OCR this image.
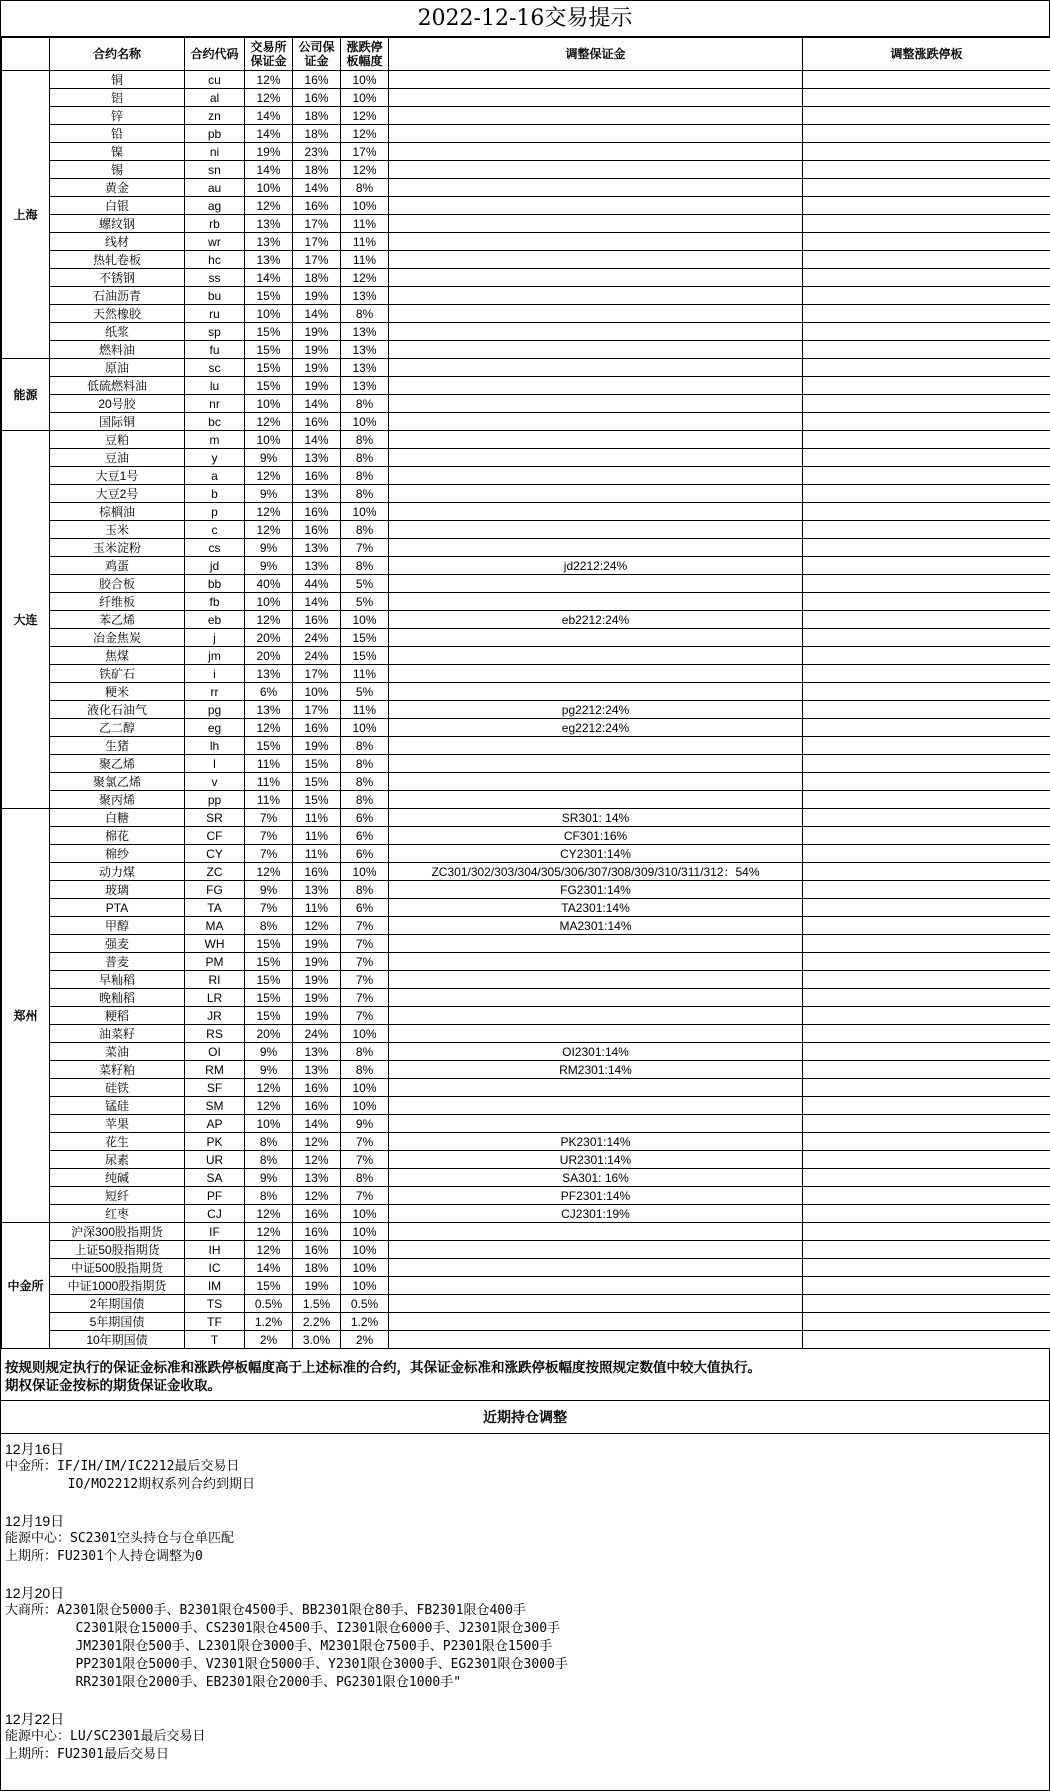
2022-12-16交易提示
	合约名称	合约代码	交易所保证金	公司保证金	涨跌停板幅度	调整保证金	调整涨跌停板
上海	铜	cu	12%	16%	10%		
	铝	al	12%	16%	10%		
	锌	zn	14%	18%	12%		
	铅	pb	14%	18%	12%		
	镍	ni	19%	23%	17%		
	锡	sn	14%	18%	12%		
	黄金	au	10%	14%	8%		
	白银	ag	12%	16%	10%		
	螺纹钢	rb	13%	17%	11%		
	线材	wr	13%	17%	11%		
	热轧卷板	hc	13%	17%	11%		
	不锈钢	ss	14%	18%	12%		
	石油沥青	bu	15%	19%	13%		
	天然橡胶	ru	10%	14%	8%		
	纸浆	sp	15%	19%	13%		
	燃料油	fu	15%	19%	13%		
能源	原油	sc	15%	19%	13%		
	低硫燃料油	lu	15%	19%	13%		
	20号胶	nr	10%	14%	8%		
	国际铜	bc	12%	16%	10%		
大连	豆粕	m	10%	14%	8%		
	豆油	y	9%	13%	8%		
	大豆1号	a	12%	16%	8%		
	大豆2号	b	9%	13%	8%		
	棕榈油	p	12%	16%	10%		
	玉米	c	12%	16%	8%		
	玉米淀粉	cs	9%	13%	7%		
	鸡蛋	jd	9%	13%	8%	jd2212:24%	
	胶合板	bb	40%	44%	5%		
	纤维板	fb	10%	14%	5%		
	苯乙烯	eb	12%	16%	10%	eb2212:24%	
	冶金焦炭	j	20%	24%	15%		
	焦煤	jm	20%	24%	15%		
	铁矿石	i	13%	17%	11%		
	粳米	rr	6%	10%	5%		
	液化石油气	pg	13%	17%	11%	pg2212:24%	
	乙二醇	eg	12%	16%	10%	eg2212:24%	
	生猪	lh	15%	19%	8%		
	聚乙烯	l	11%	15%	8%		
	聚氯乙烯	v	11%	15%	8%		
	聚丙烯	pp	11%	15%	8%		
郑州	白糖	SR	7%	11%	6%	SR301: 14%	
	棉花	CF	7%	11%	6%	CF301:16%	
	棉纱	CY	7%	11%	6%	CY2301:14%	
	动力煤	ZC	12%	16%	10%	ZC301/302/303/304/305/306/307/308/309/310/311/312：54%	
	玻璃	FG	9%	13%	8%	FG2301:14%	
	PTA	TA	7%	11%	6%	TA2301:14%	
	甲醇	MA	8%	12%	7%	MA2301:14%	
	强麦	WH	15%	19%	7%		
	普麦	PM	15%	19%	7%		
	早籼稻	RI	15%	19%	7%		
	晚籼稻	LR	15%	19%	7%		
	粳稻	JR	15%	19%	7%		
	油菜籽	RS	20%	24%	10%		
	菜油	OI	9%	13%	8%	OI2301:14%	
	菜籽粕	RM	9%	13%	8%	RM2301:14%	
	硅铁	SF	12%	16%	10%		
	锰硅	SM	12%	16%	10%		
	苹果	AP	10%	14%	9%		
	花生	PK	8%	12%	7%	PK2301:14%	
	尿素	UR	8%	12%	7%	UR2301:14%	
	纯碱	SA	9%	13%	8%	SA301: 16%	
	短纤	PF	8%	12%	7%	PF2301:14%	
	红枣	CJ	12%	16%	10%	CJ2301:19%	
中金所	沪深300股指期货	IF	12%	16%	10%		
	上证50股指期货	IH	12%	16%	10%		
	中证500股指期货	IC	14%	18%	10%		
	中证1000股指期货	IM	15%	19%	10%		
	2年期国债	TS	0.5%	1.5%	0.5%		
	5年期国债	TF	1.2%	2.2%	1.2%		
	10年期国债	T	2%	3.0%	2%		
按规则规定执行的保证金标准和涨跌停板幅度高于上述标准的合约，其保证金标准和涨跌停板幅度按照规定数值中较大值执行。
期权保证金按标的期货保证金收取。
近期持仓调整
12月16日
中金所：IF/IH/IM/IC2212最后交易日
IO/MO2212期权系列合约到期日
12月19日
能源中心：SC2301空头持仓与仓单匹配
上期所：FU2301个人持仓调整为0
12月20日
大商所：A2301限仓5000手、B2301限仓4500手、BB2301限仓80手、FB2301限仓400手
C2301限仓15000手、CS2301限仓4500手、I2301限仓6000手、J2301限仓300手
JM2301限仓500手、L2301限仓3000手、M2301限仓7500手、P2301限仓1500手
PP2301限仓5000手、V2301限仓5000手、Y2301限仓3000手、EG2301限仓3000手
RR2301限仓2000手、EB2301限仓2000手、PG2301限仓1000手"
12月22日
能源中心：LU/SC2301最后交易日
上期所：FU2301最后交易日
